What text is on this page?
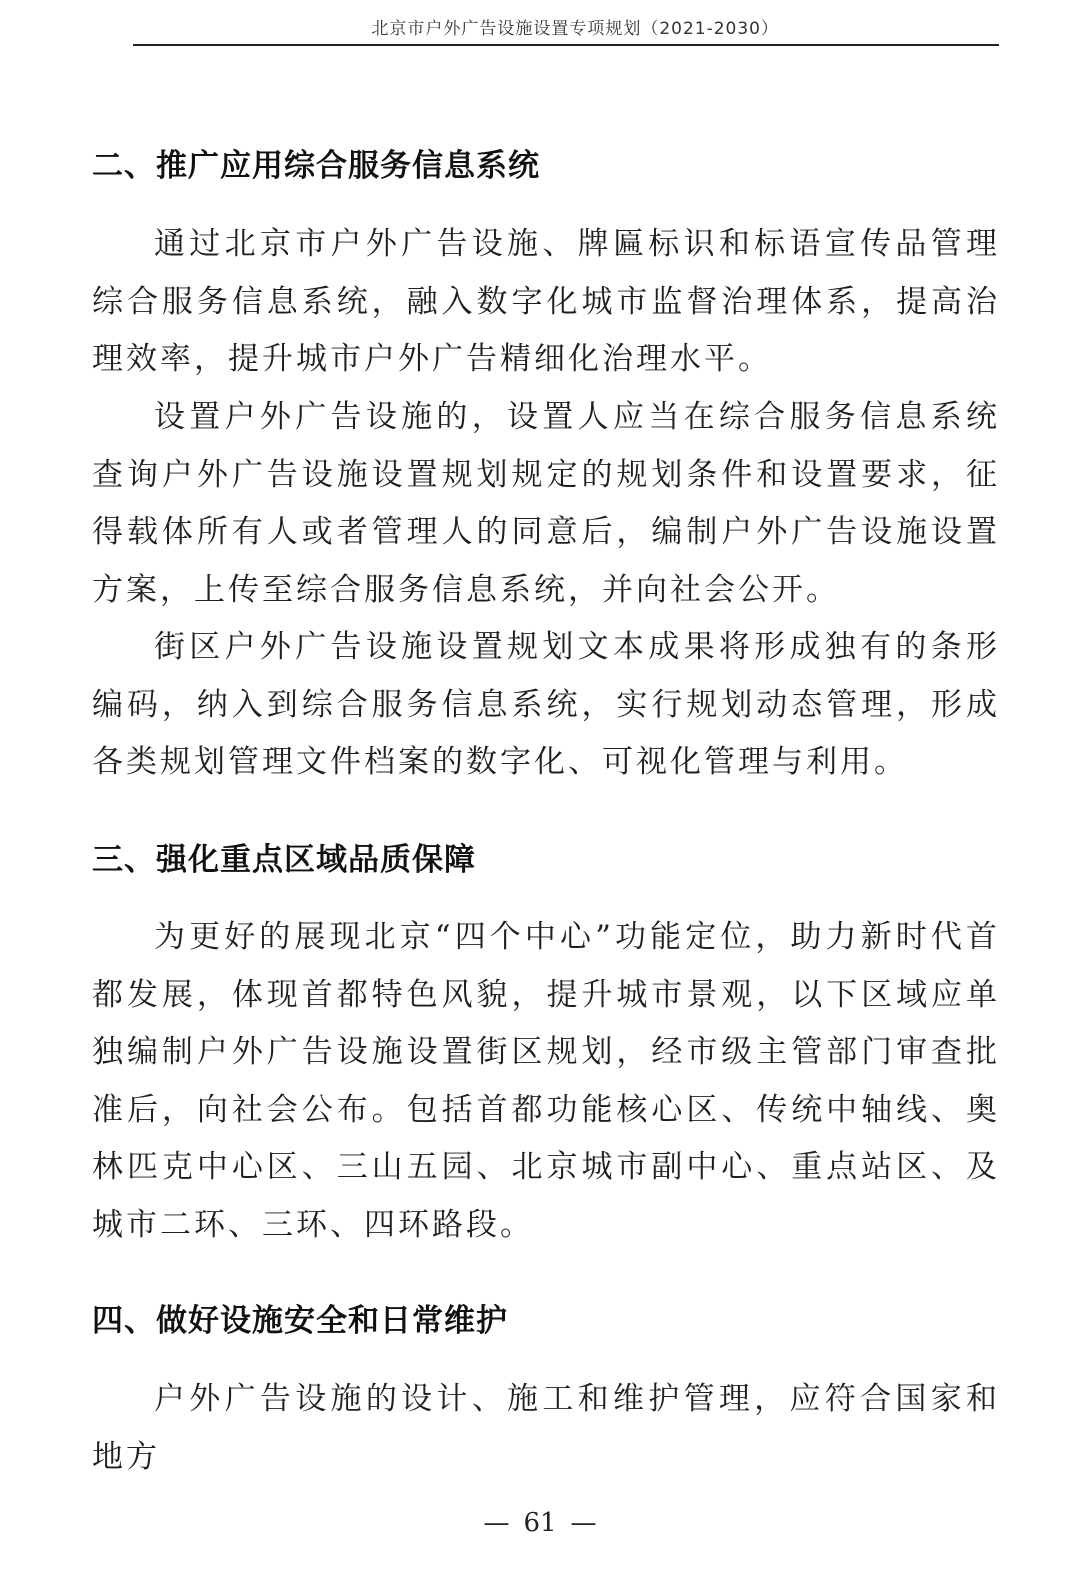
北京市户外广告设施设置专项规划（2021-2030）
二、推广应用综合服务信息系统

通过北京市户外广告设施、牌匾标识和标语宣传品管理综合服务信息系统，融入数字化城市监督治理体系，提高治理效率，提升城市户外广告精细化治理水平。

设置户外广告设施的，设置人应当在综合服务信息系统查询户外广告设施设置规划规定的规划条件和设置要求，征得载体所有人或者管理人的同意后，编制户外广告设施设置方案，上传至综合服务信息系统，并向社会公开。

街区户外广告设施设置规划文本成果将形成独有的条形编码，纳入到综合服务信息系统，实行规划动态管理，形成各类规划管理文件档案的数字化、可视化管理与利用。

三、强化重点区域品质保障

为更好的展现北京“四个中心”功能定位，助力新时代首都发展，体现首都特色风貌，提升城市景观，以下区域应单独编制户外广告设施设置街区规划，经市级主管部门审查批准后，向社会公布。包括首都功能核心区、传统中轴线、奥林匹克中心区、三山五园、北京城市副中心、重点站区、及城市二环、三环、四环路段。

四、做好设施安全和日常维护

户外广告设施的设计、施工和维护管理，应符合国家和地方

— 61 —
